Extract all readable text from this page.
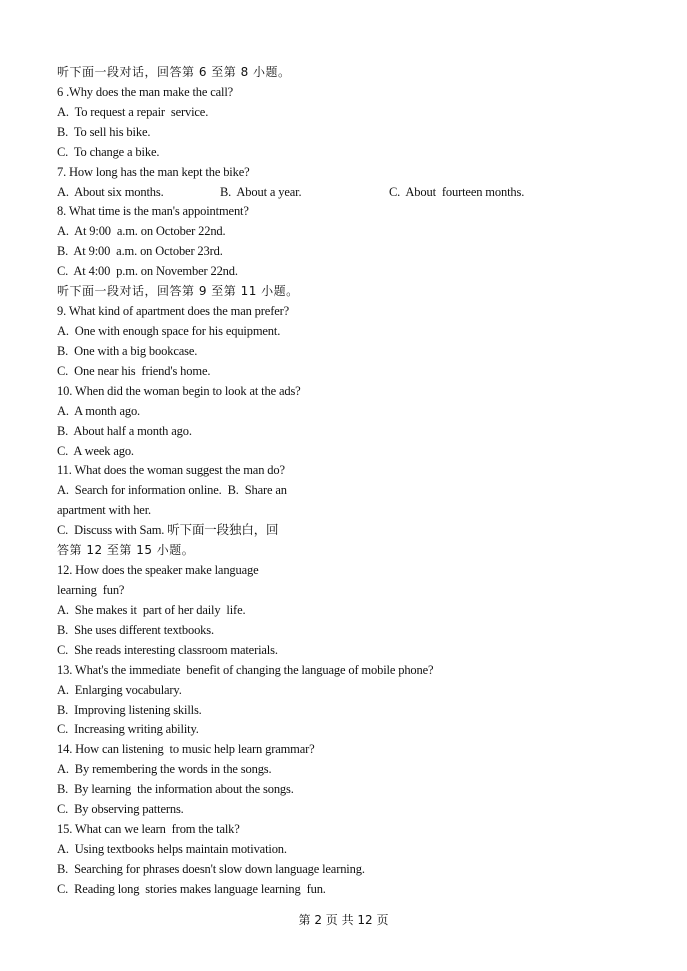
听下面一段对话，回答第 6 至第 8 小题。
6 .Why does the man make the call?
A.  To request a repair  service.
B.  To sell his bike.
C.  To change a bike.
7. How long has the man kept the bike?
A.  About six months.	B.  About a year.	C.  About  fourteen months.
8. What time is the man's appointment?
A.  At 9:00  a.m. on October 22nd.
B.  At 9:00  a.m. on October 23rd.
C.  At 4:00  p.m. on November 22nd.
听下面一段对话，回答第 9 至第 11 小题。
9. What kind of apartment does the man prefer?
A.  One with enough space for his equipment.
B.  One with a big bookcase.
C.  One near his  friend's home.
10. When did the woman begin to look at the ads?
A.  A month ago.
B.  About half a month ago.
C.  A week ago.
11. What does the woman suggest the man do?
A.  Search for information online.  B.  Share an
apartment with her.
C.  Discuss with Sam. 听下面一段独白，回
答第 12 至第 15 小题。
12. How does the speaker make language
learning  fun?
A.  She makes it  part of her daily  life.
B.  She uses different textbooks.
C.  She reads interesting classroom materials.
13. What's the immediate  benefit of changing the language of mobile phone?
A.  Enlarging vocabulary.
B.  Improving listening skills.
C.  Increasing writing ability.
14. How can listening  to music help learn grammar?
A.  By remembering the words in the songs.
B.  By learning  the information about the songs.
C.  By observing patterns.
15. What can we learn  from the talk?
A.  Using textbooks helps maintain motivation.
B.  Searching for phrases doesn't slow down language learning.
C.  Reading long  stories makes language learning  fun.
第 2 页 共 12 页
